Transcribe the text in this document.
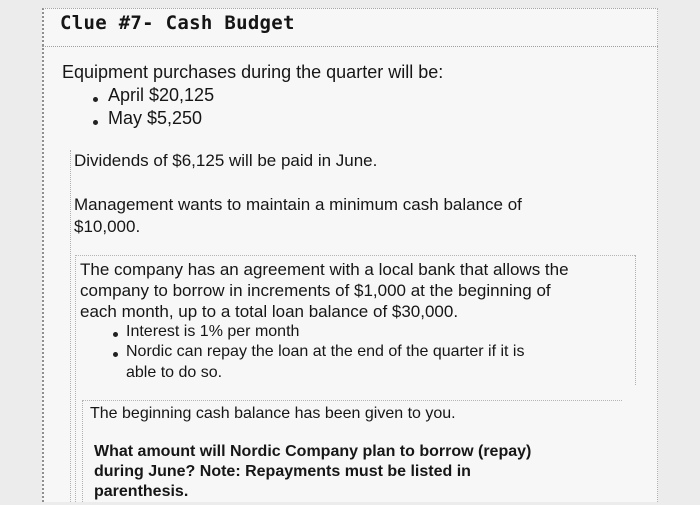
Clue #7- Cash Budget

Equipment purchases during the quarter will be:

April $20,125

May $5,250

Dividends of $6,125 will be paid in June.

Management wants to maintain a minimum cash balance of

$10,000.

The company has an agreement with a local bank that allows the

company to borrow in increments of $1,000 at the beginning of

each month, up to a total loan balance of $30,000.

Interest is 1% per month

Nordic can repay the loan at the end of the quarter if it is

able to do so.

The beginning cash balance has been given to you.

What amount will Nordic Company plan to borrow (repay)

during June? Note: Repayments must be listed in

parenthesis.
